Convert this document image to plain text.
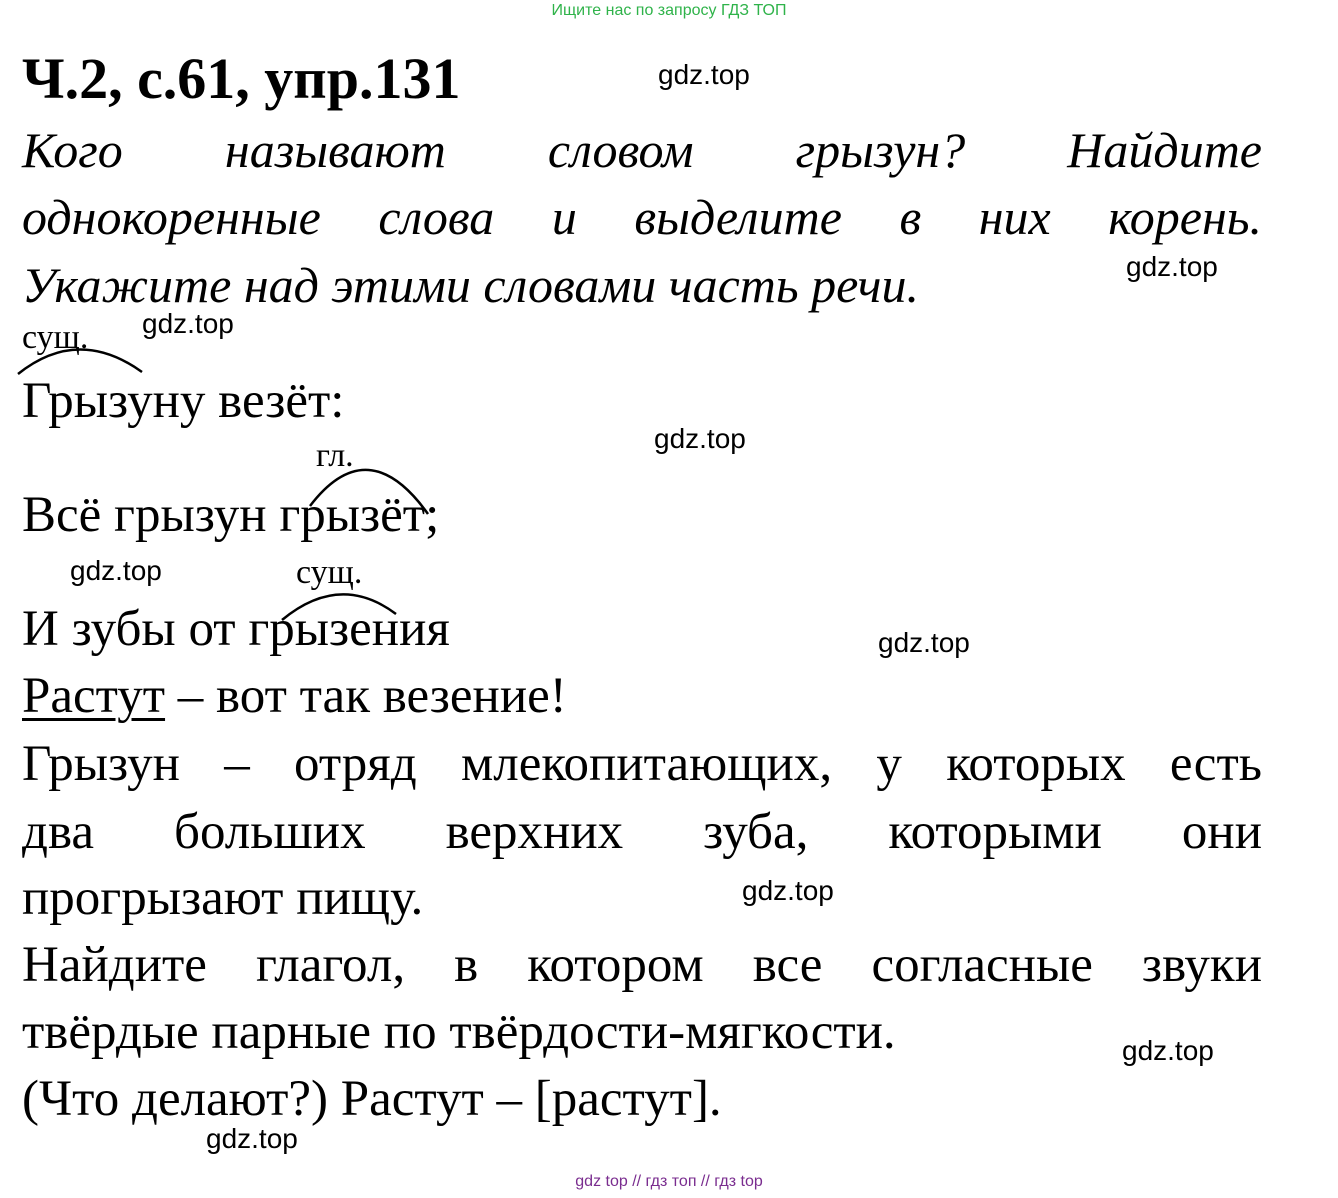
Ищите нас по запросу ГДЗ ТОП
Ч.2, с.61, упр.131
Кого называют словом грызун? Найдите
однокоренные слова и выделите в них корень.
Укажите над этими словами часть речи.
сущ.
Грызуну везёт:
гл.
Всё грызун грызёт;
сущ.
И зубы от грызения
Растут – вот так везение!
Грызун – отряд млекопитающих, у которых есть
два больших верхних зуба, которыми они
прогрызают пищу.
Найдите глагол, в котором все согласные звуки
твёрдые парные по твёрдости-мягкости.
(Что делают?) Растут – [растут].
gdz.top
gdz.top
gdz.top
gdz.top
gdz.top
gdz.top
gdz.top
gdz.top
gdz.top
gdz top // гдз топ // гдз top
